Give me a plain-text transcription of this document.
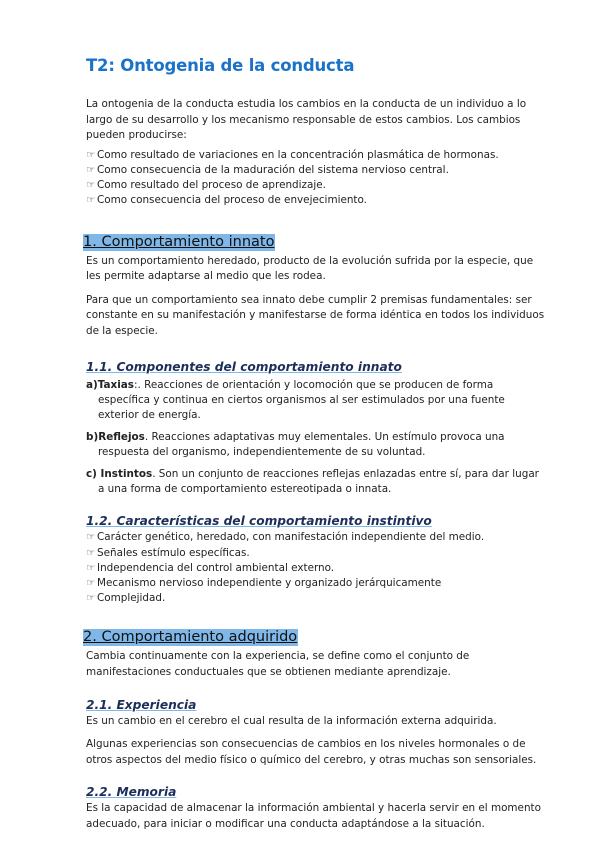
T2: Ontogenia de la conducta

La ontogenia de la conducta estudia los cambios en la conducta de un individuo a lo largo de su desarrollo y los mecanismo responsable de estos cambios. Los cambios pueden producirse:

☞ Como resultado de variaciones en la concentración plasmática de hormonas.
☞ Como consecuencia de la maduración del sistema nervioso central.
☞ Como resultado del proceso de aprendizaje.
☞ Como consecuencia del proceso de envejecimiento.
1. Comportamiento innato

Es un comportamiento heredado, producto de la evolución sufrida por la especie, que les permite adaptarse al medio que les rodea.

Para que un comportamiento sea innato debe cumplir 2 premisas fundamentales: ser constante en su manifestación y manifestarse de forma idéntica en todos los individuos de la especie.

1.1. Componentes del comportamiento innato
a)Taxias:. Reacciones de orientación y locomoción que se producen de forma específica y continua en ciertos organismos al ser estimulados por una fuente exterior de energía.
b)Reflejos. Reacciones adaptativas muy elementales. Un estímulo provoca una respuesta del organismo, independientemente de su voluntad.
c) Instintos. Son un conjunto de reacciones reflejas enlazadas entre sí, para dar lugar a una forma de comportamiento estereotipada o innata.
1.2. Características del comportamiento instintivo
☞ Carácter genético, heredado, con manifestación independiente del medio.
☞ Señales estímulo específicas.
☞ Independencia del control ambiental externo.
☞ Mecanismo nervioso independiente y organizado jerárquicamente
☞ Complejidad.
2. Comportamiento adquirido

Cambia continuamente con la experiencia, se define como el conjunto de manifestaciones conductuales que se obtienen mediante aprendizaje.

2.1. Experiencia

Es un cambio en el cerebro el cual resulta de la información externa adquirida.

Algunas experiencias son consecuencias de cambios en los niveles hormonales o de otros aspectos del medio físico o químico del cerebro, y otras muchas son sensoriales.

2.2. Memoria

Es la capacidad de almacenar la información ambiental y hacerla servir en el momento adecuado, para iniciar o modificar una conducta adaptándose a la situación.
